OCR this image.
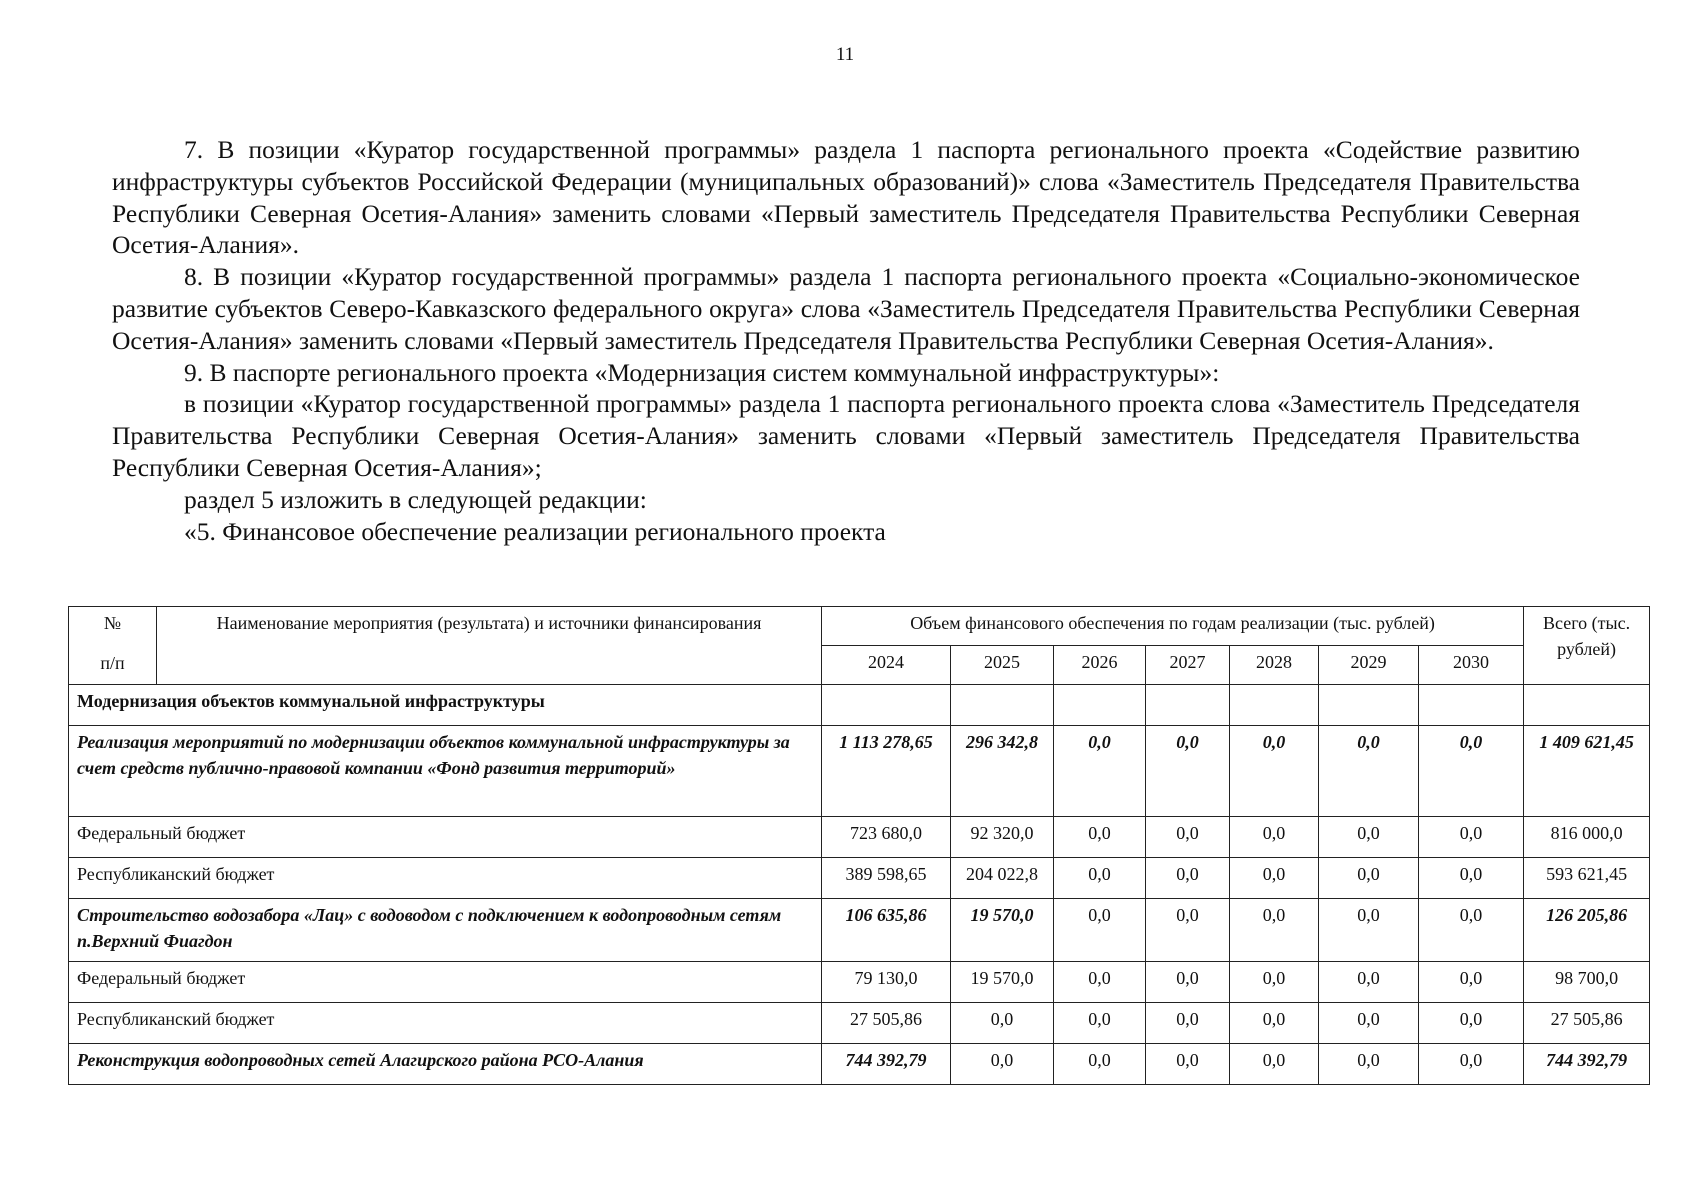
11

7. В позиции «Куратор государственной программы» раздела 1 паспорта регионального проекта «Содействие развитию инфраструктуры субъектов Российской Федерации (муниципальных образований)» слова «Заместитель Председателя Правительства Республики Северная Осетия-Алания» заменить словами «Первый заместитель Председателя Правительства Республики Северная Осетия-Алания».

8. В позиции «Куратор государственной программы» раздела 1 паспорта регионального проекта «Социально-экономическое развитие субъектов Северо-Кавказского федерального округа» слова «Заместитель Председателя Правительства Республики Северная Осетия-Алания» заменить словами «Первый заместитель Председателя Правительства Республики Северная Осетия-Алания».

9. В паспорте регионального проекта «Модернизация систем коммунальной инфраструктуры»:

в позиции «Куратор государственной программы» раздела 1 паспорта регионального проекта слова «Заместитель Председателя Правительства Республики Северная Осетия-Алания» заменить словами «Первый заместитель Председателя Правительства Республики Северная Осетия-Алания»;

раздел 5 изложить в следующей редакции:

«5. Финансовое обеспечение реализации регионального проекта

№
п/п	Наименование мероприятия (результата) и источники финансирования	Объем финансового обеспечения по годам реализации (тыс. рублей)							Всего (тыс. рублей)
		2024	2025	2026	2027	2028	2029	2030	
Модернизация объектов коммунальной инфраструктуры									
Реализация мероприятий по модернизации объектов коммунальной инфраструктуры за счет средств публично-правовой компании «Фонд развития территорий»		1 113 278,65	296 342,8	0,0	0,0	0,0	0,0	0,0	1 409 621,45
Федеральный бюджет		723 680,0	92 320,0	0,0	0,0	0,0	0,0	0,0	816 000,0
Республиканский бюджет		389 598,65	204 022,8	0,0	0,0	0,0	0,0	0,0	593 621,45
Строительство водозабора «Лац» с водоводом с подключением к водопроводным сетям п.Верхний Фиагдон		106 635,86	19 570,0	0,0	0,0	0,0	0,0	0,0	126 205,86
Федеральный бюджет		79 130,0	19 570,0	0,0	0,0	0,0	0,0	0,0	98 700,0
Республиканский бюджет		27 505,86	0,0	0,0	0,0	0,0	0,0	0,0	27 505,86
Реконструкция водопроводных сетей Алагирского района РСО-Алания		744 392,79	0,0	0,0	0,0	0,0	0,0	0,0	744 392,79
